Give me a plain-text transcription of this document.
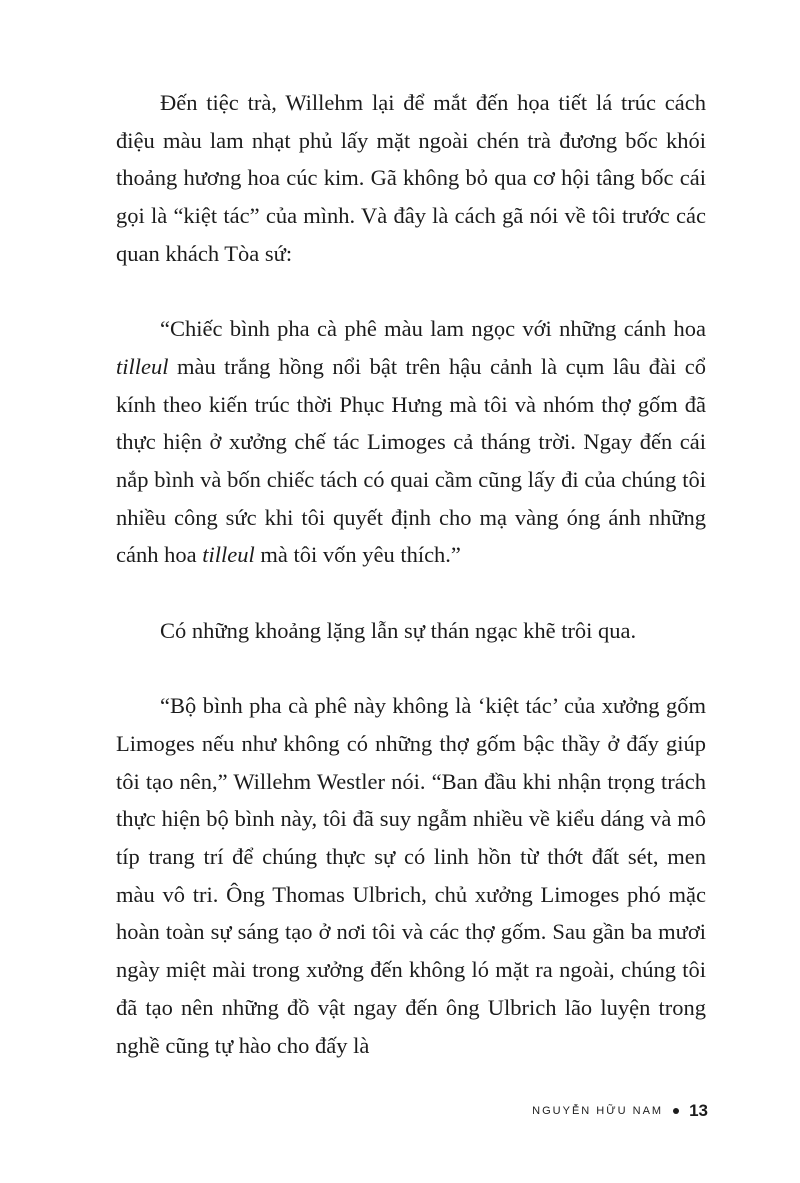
Đến tiệc trà, Willehm lại để mắt đến họa tiết lá trúc cách điệu màu lam nhạt phủ lấy mặt ngoài chén trà đương bốc khói thoảng hương hoa cúc kim. Gã không bỏ qua cơ hội tâng bốc cái gọi là “kiệt tác” của mình. Và đây là cách gã nói về tôi trước các quan khách Tòa sứ:

“Chiếc bình pha cà phê màu lam ngọc với những cánh hoa tilleul màu trắng hồng nổi bật trên hậu cảnh là cụm lâu đài cổ kính theo kiến trúc thời Phục Hưng mà tôi và nhóm thợ gốm đã thực hiện ở xưởng chế tác Limoges cả tháng trời. Ngay đến cái nắp bình và bốn chiếc tách có quai cầm cũng lấy đi của chúng tôi nhiều công sức khi tôi quyết định cho mạ vàng óng ánh những cánh hoa tilleul mà tôi vốn yêu thích.”

Có những khoảng lặng lẫn sự thán ngạc khẽ trôi qua.

“Bộ bình pha cà phê này không là ‘kiệt tác’ của xưởng gốm Limoges nếu như không có những thợ gốm bậc thầy ở đấy giúp tôi tạo nên,” Willehm Westler nói. “Ban đầu khi nhận trọng trách thực hiện bộ bình này, tôi đã suy ngẫm nhiều về kiểu dáng và mô típ trang trí để chúng thực sự có linh hồn từ thớt đất sét, men màu vô tri. Ông Thomas Ulbrich, chủ xưởng Limoges phó mặc hoàn toàn sự sáng tạo ở nơi tôi và các thợ gốm. Sau gần ba mươi ngày miệt mài trong xưởng đến không ló mặt ra ngoài, chúng tôi đã tạo nên những đồ vật ngay đến ông Ulbrich lão luyện trong nghề cũng tự hào cho đấy là

NGUYỄN HỮU NAM 13
